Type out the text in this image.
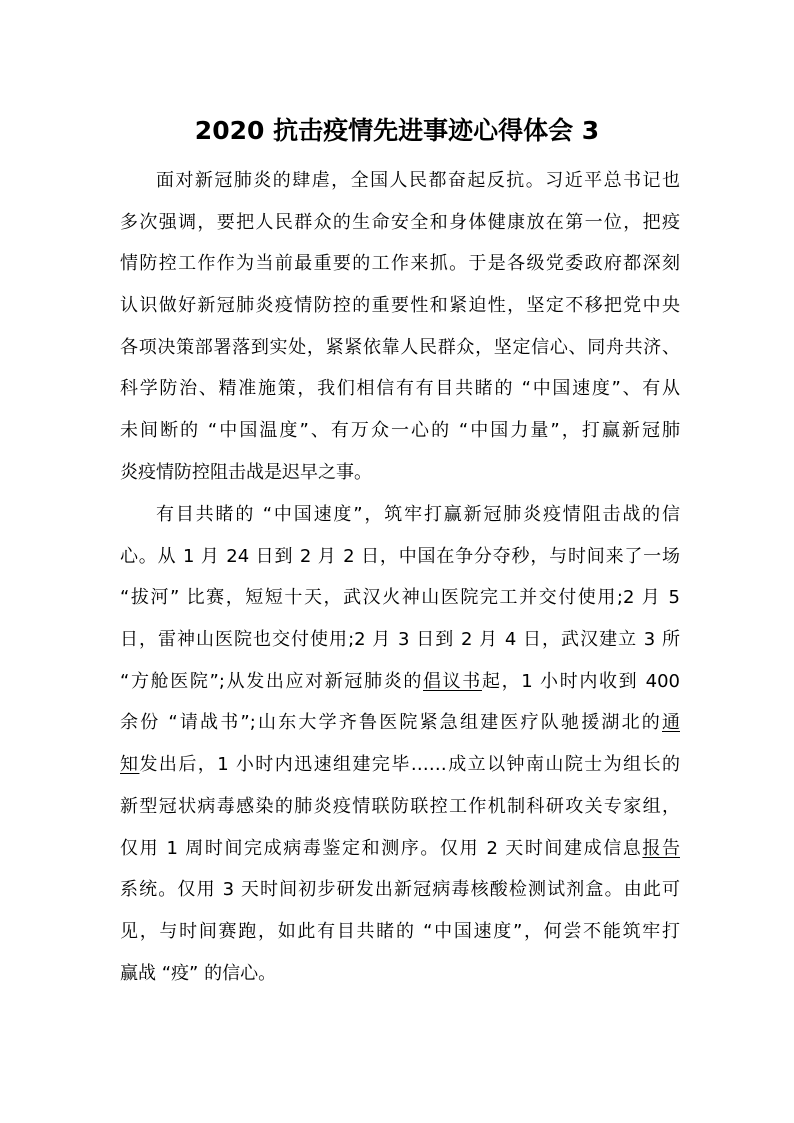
2020 抗击疫情先进事迹心得体会 3
面对新冠肺炎的肆虐，全国人民都奋起反抗。习近平总书记也
多次强调，要把人民群众的生命安全和身体健康放在第一位，把疫
情防控工作作为当前最重要的工作来抓。于是各级党委政府都深刻
认识做好新冠肺炎疫情防控的重要性和紧迫性，坚定不移把党中央
各项决策部署落到实处，紧紧依靠人民群众，坚定信心、同舟共济、
科学防治、精准施策，我们相信有有目共睹的 “中国速度”、有从
未间断的 “中国温度”、有万众一心的 “中国力量”，打赢新冠肺
炎疫情防控阻击战是迟早之事。
有目共睹的 “中国速度”，筑牢打赢新冠肺炎疫情阻击战的信
心。从 1 月 24 日到 2 月 2 日，中国在争分夺秒，与时间来了一场
“拔河” 比赛，短短十天，武汉火神山医院完工并交付使用;2 月 5
日，雷神山医院也交付使用;2 月 3 日到 2 月 4 日，武汉建立 3 所
“方舱医院”;从发出应对新冠肺炎的倡议书起，1 小时内收到 400
余份 “请战书”;山东大学齐鲁医院紧急组建医疗队驰援湖北的通
知发出后，1 小时内迅速组建完毕……成立以钟南山院士为组长的
新型冠状病毒感染的肺炎疫情联防联控工作机制科研攻关专家组，
仅用 1 周时间完成病毒鉴定和测序。仅用 2 天时间建成信息报告
系统。仅用 3 天时间初步研发出新冠病毒核酸检测试剂盒。由此可
见，与时间赛跑，如此有目共睹的 “中国速度”，何尝不能筑牢打
赢战 “疫” 的信心。
